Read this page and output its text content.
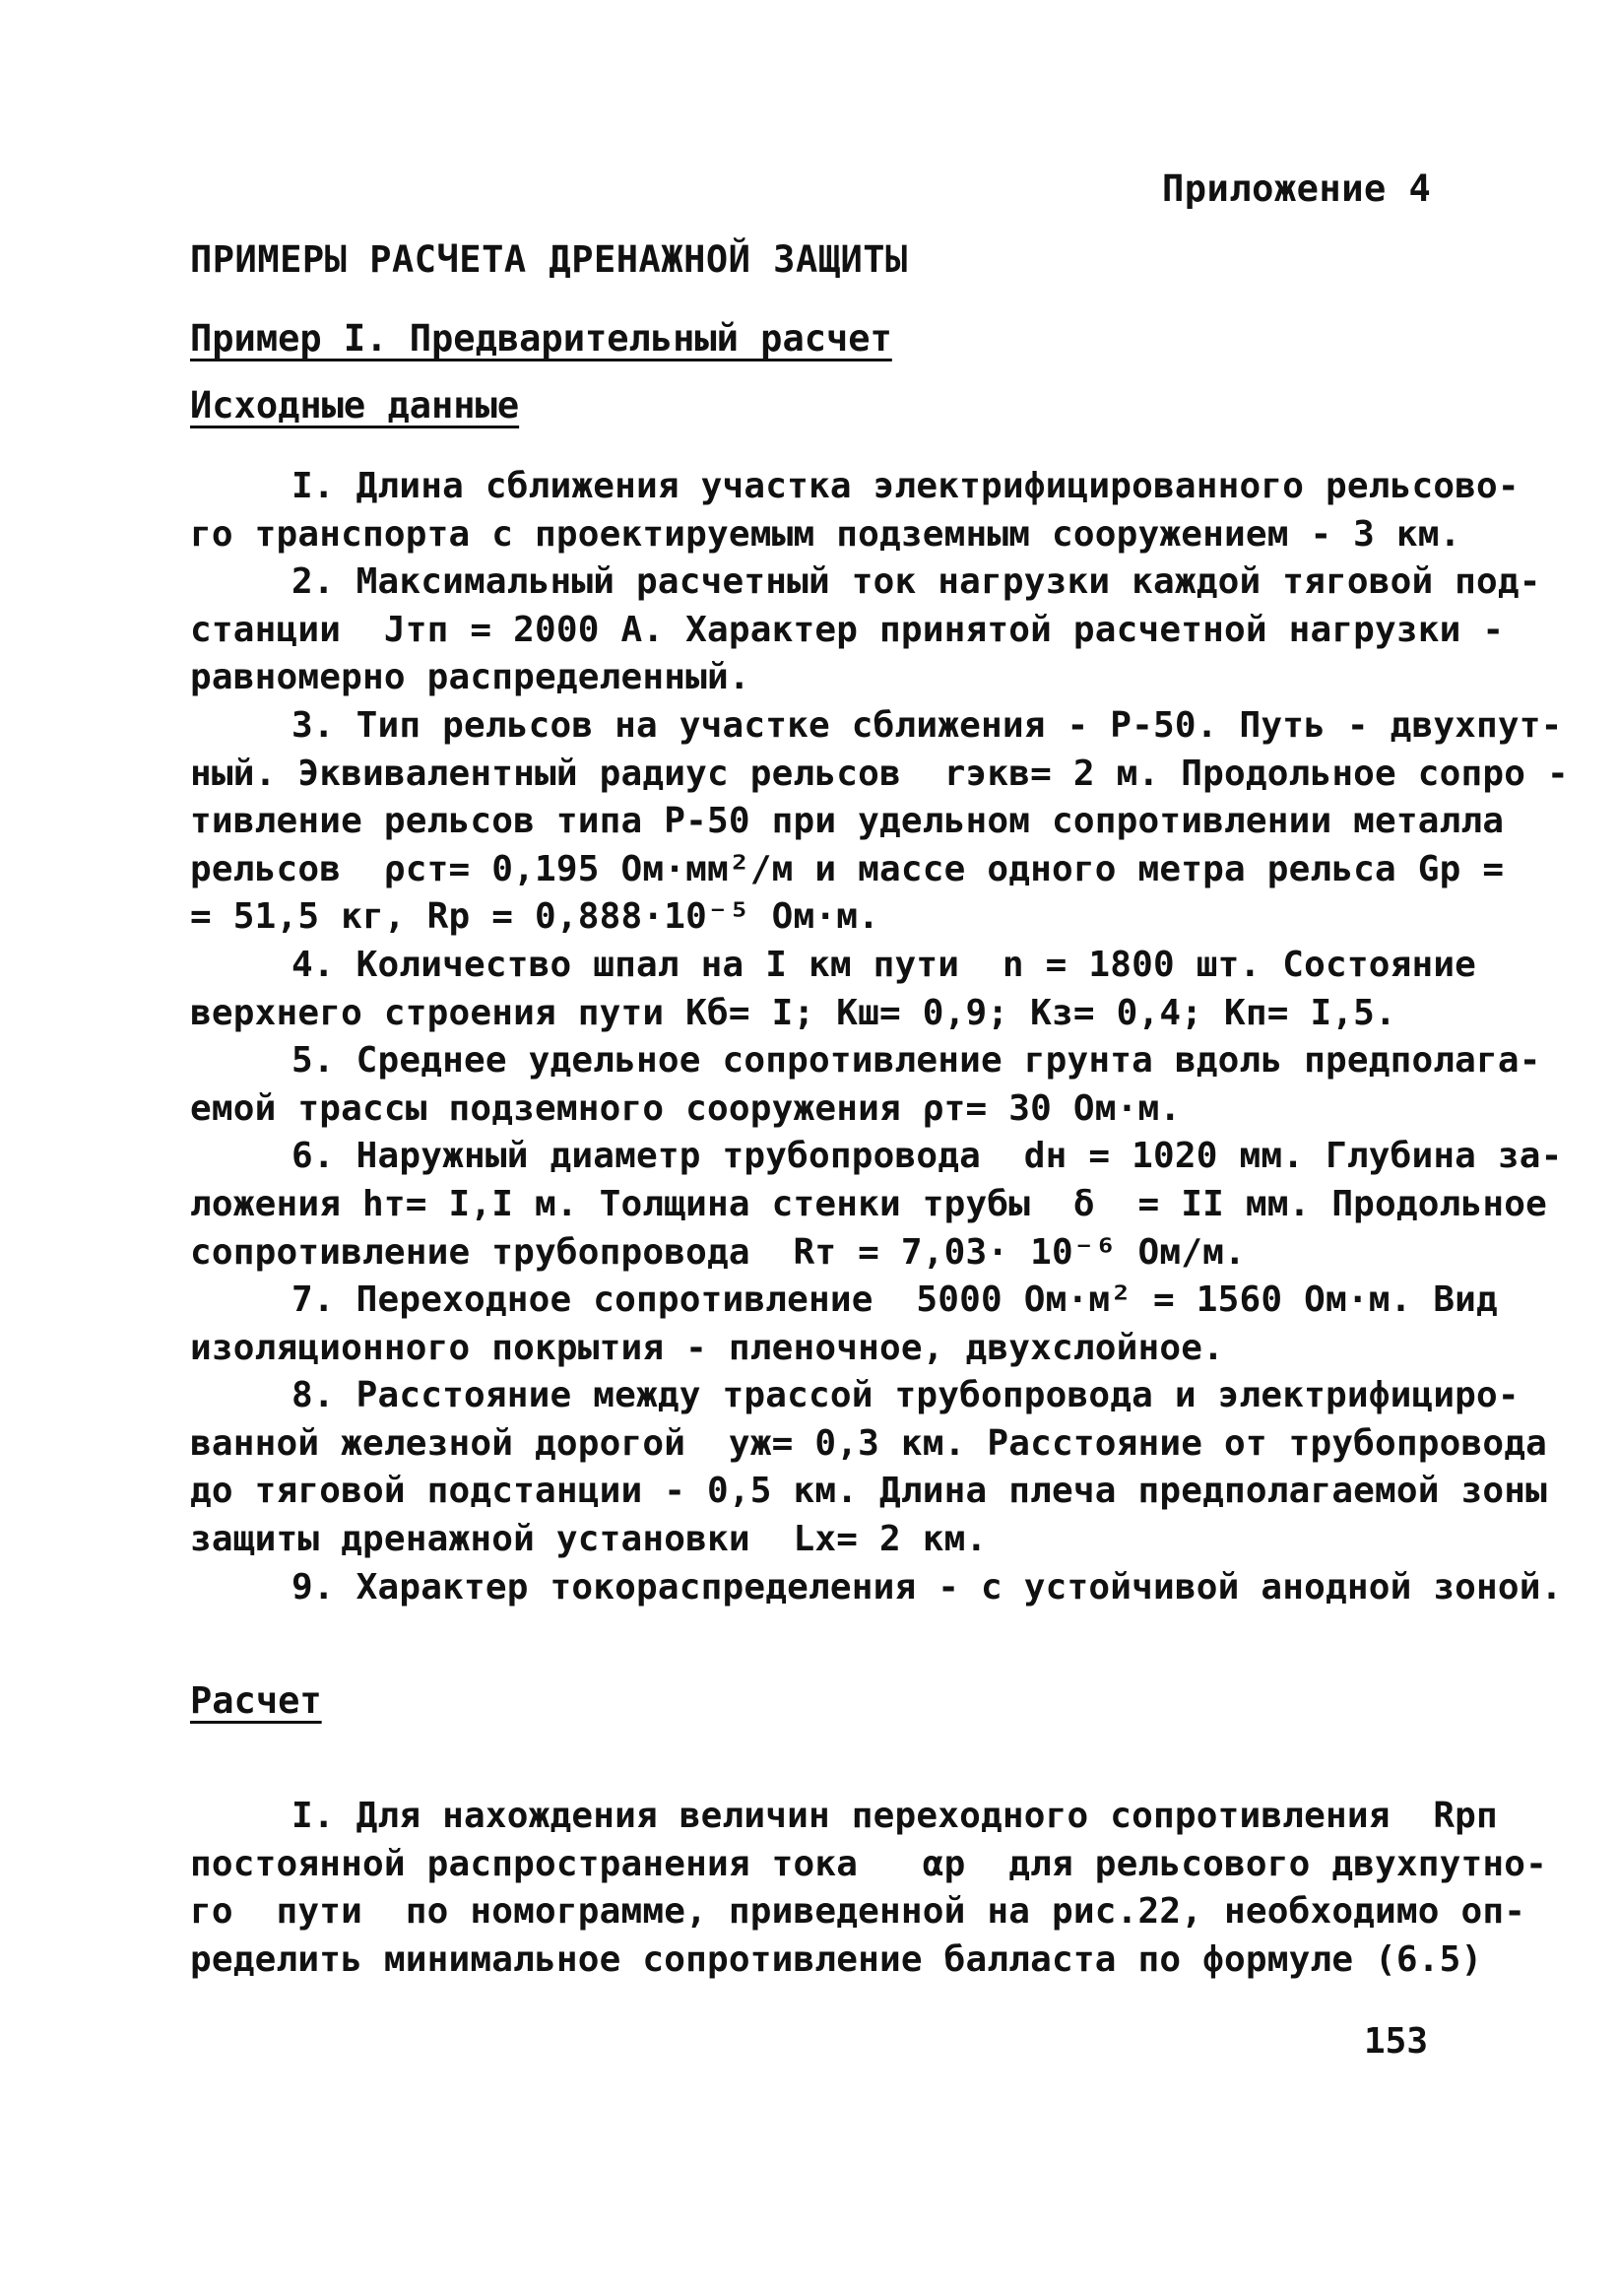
Приложение 4
ПРИМЕРЫ РАСЧЕТА ДРЕНАЖНОЙ ЗАЩИТЫ
Пример I. Предварительный расчет
Исходные данные
I. Длина сближения участка электрифицированного рельсово-
го транспорта с проектируемым подземным сооружением - 3 км.
2. Максимальный расчетный ток нагрузки каждой тяговой под-
станции  Jтп = 2000 А. Характер принятой расчетной нагрузки -
равномерно распределенный.
3. Тип рельсов на участке сближения - Р-50. Путь - двухпут-
ный. Эквивалентный радиус рельсов  rэкв= 2 м. Продольное сопро -
тивление рельсов типа Р-50 при удельном сопротивлении металла
рельсов  ρст= 0,195 Ом·мм²/м и массе одного метра рельса Gр =
= 51,5 кг, Rр = 0,888·10⁻⁵ Ом·м.
4. Количество шпал на I км пути  n = 1800 шт. Состояние
верхнего строения пути Кб= I; Кш= 0,9; Кз= 0,4; Кп= I,5.
5. Среднее удельное сопротивление грунта вдоль предполага-
емой трассы подземного сооружения ρт= 30 Ом·м.
6. Наружный диаметр трубопровода  dн = 1020 мм. Глубина за-
ложения hт= I,I м. Толщина стенки трубы  δ  = II мм. Продольное
сопротивление трубопровода  Rт = 7,03· 10⁻⁶ Ом/м.
7. Переходное сопротивление  5000 Ом·м² = 1560 Ом·м. Вид
изоляционного покрытия - пленочное, двухслойное.
8. Расстояние между трассой трубопровода и электрифициро-
ванной железной дорогой  yж= 0,3 км. Расстояние от трубопровода
до тяговой подстанции - 0,5 км. Длина плеча предполагаемой зоны
защиты дренажной установки  Lx= 2 км.
9. Характер токораспределения - с устойчивой анодной зоной.
Расчет
I. Для нахождения величин переходного сопротивления  Rрп
постоянной распространения тока   αр  для рельсового двухпутно-
го  пути  по номограмме, приведенной на рис.22, необходимо оп-
ределить минимальное сопротивление балласта по формуле (6.5)
153
